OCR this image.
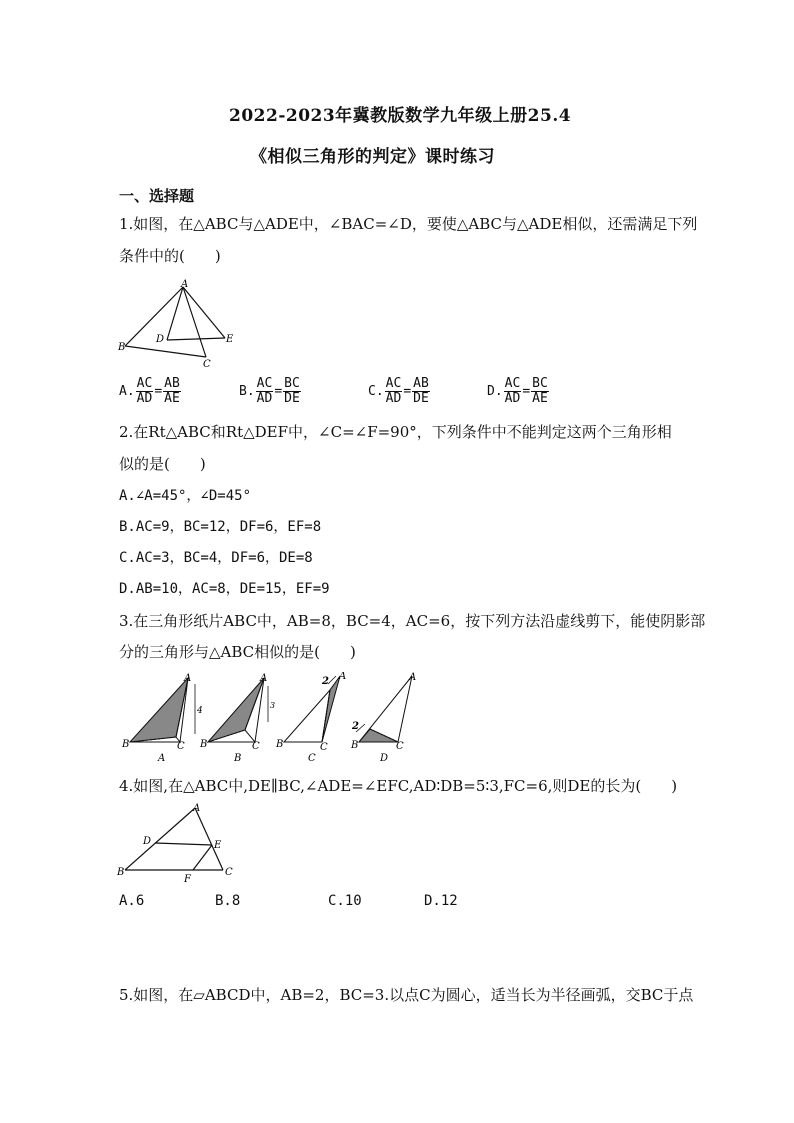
2022-2023年冀教版数学九年级上册25.4
《相似三角形的判定》课时练习
一、选择题
1.如图，在△ABC与△ADE中，∠BAC=∠D，要使△ABC与△ADE相似，还需满足下列
条件中的(　　)
A
B
C
D	E
A. $\frac{AC}{AD} = \frac{AB}{AE}$	B. $\frac{AC}{AD} = \frac{BC}{DE}$	C. $\frac{AC}{AD} = \frac{AB}{DE}$	D. $\frac{AC}{AD} = \frac{BC}{AE}$
2.在Rt△ABC和Rt△DEF中，∠C=∠F=90°，下列条件中不能判定这两个三角形相
似的是(　　)
A.∠A=45°，∠D=45°
B.AC=9，BC=12，DF=6，EF=8
C.AC=3，BC=4，DF=6，DE=8
D.AB=10，AC=8，DE=15，EF=9
3.在三角形纸片ABC中，AB=8，BC=4，AC=6，按下列方法沿虚线剪下，能使阴影部
分的三角形与△ABC相似的是(　　)
4
A
B	C
A
3
A
B	C
B
2 A
B	C
C
2
A
B	C
D
4.如图,在△ABC中,DE∥BC,∠ADE=∠EFC,AD∶DB=5∶3,FC=6,则DE的长为(　　)
A
B	C
D	E
F
A.6	B.8	C.10	D.12
5.如图，在▱ABCD中，AB=2，BC=3.以点C为圆心，适当长为半径画弧，交BC于点
